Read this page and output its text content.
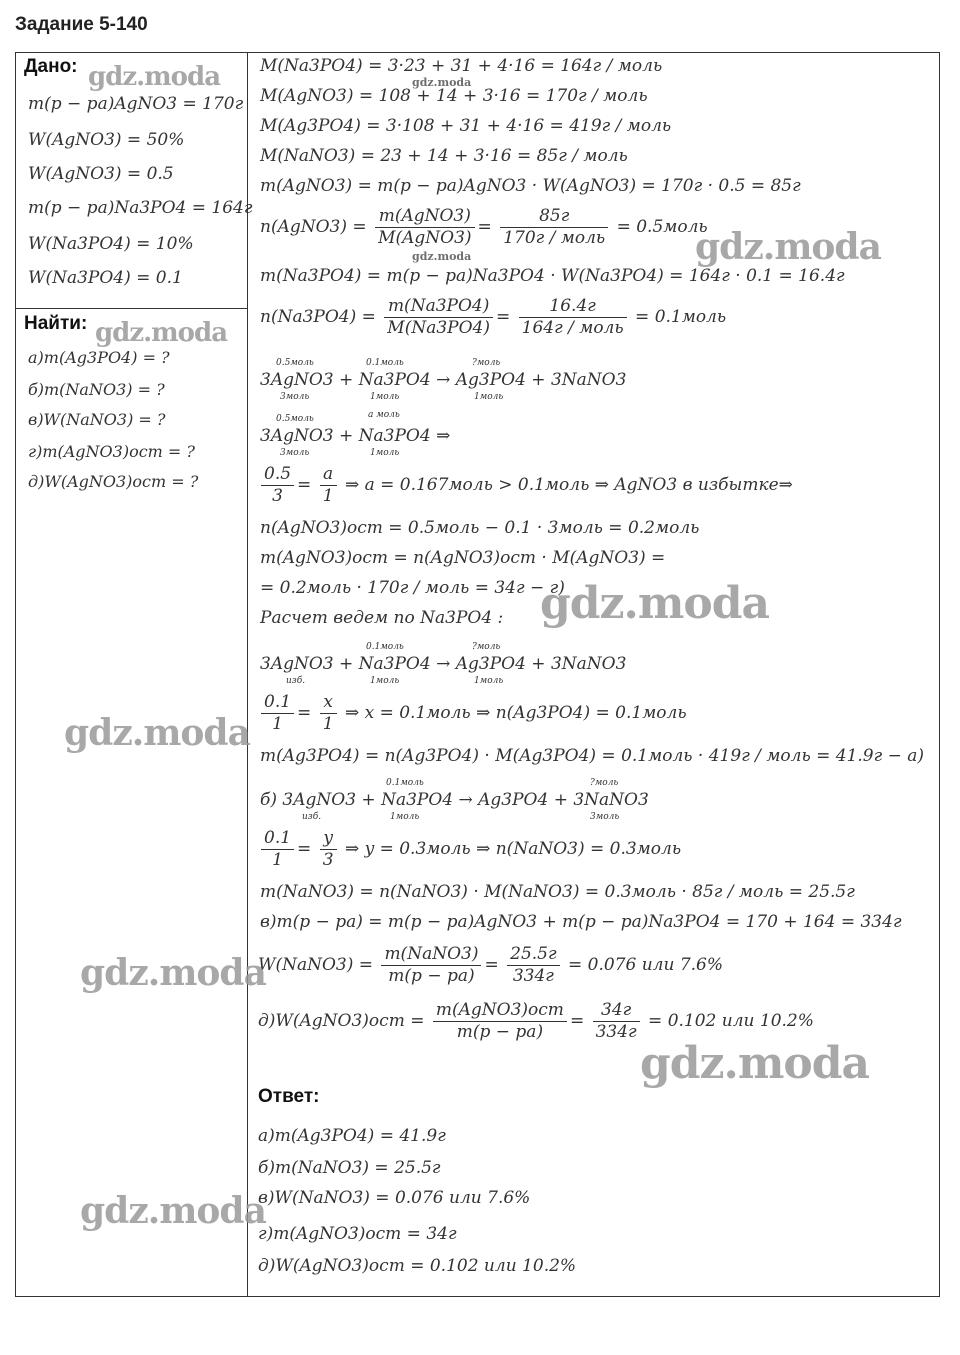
Задание 5-140
Дано:
Найти:
m(р − ра)AgNO3 = 170г
W(AgNO3) = 50%
W(AgNO3) = 0.5
m(р − ра)Na3PO4 = 164г
W(Na3PO4) = 10%
W(Na3PO4) = 0.1
а)m(Ag3PO4) = ?
б)m(NaNO3) = ?
в)W(NaNO3) = ?
г)m(AgNO3)ост = ?
д)W(AgNO3)ост = ?
M(Na3PO4) = 3·23 + 31 + 4·16 = 164г / моль
M(AgNO3) = 108 + 14 + 3·16 = 170г / моль
M(Ag3PO4) = 3·108 + 31 + 4·16 = 419г / моль
M(NaNO3) = 23 + 14 + 3·16 = 85г / моль
m(AgNO3) = m(р − ра)AgNO3 · W(AgNO3) = 170г · 0.5 = 85г
n(AgNO3) = $\frac{\text{m(AgNO3)}}{\text{M(AgNO3)}} = \frac{85г}{\text{170г / моль}}$ = 0.5моль
m(Na3PO4) = m(р − ра)Na3PO4 · W(Na3PO4) = 164г · 0.1 = 16.4г
$n(Na3PO4) = \frac{m(Na3PO4)}{M(Na3PO4)} = \frac{16.4г}{\text{164г / моль}}$ = 0.1моль
0.5моль	0.1моль	?моль
3AgNO3 + Na3PO4 → Ag3PO4 + 3NaNO3
3моль	1моль	1моль
0.5моль	a моль
3AgNO3 + Na3PO4 ⇒
3моль	1моль
$\frac{0.5}{3} = \frac{a}{1}$ ⇒ a = 0.167моль > 0.1моль ⇒ AgNO3 в избытке⇒
n(AgNO3)ост = 0.5моль − 0.1 · 3моль = 0.2моль
m(AgNO3)ост = n(AgNO3)ост · M(AgNO3) =
= 0.2моль · 170г / моль = 34г − г)
Расчет ведем по Na3PO4 :
0.1моль	?моль
3AgNO3 + Na3PO4 → Ag3PO4 + 3NaNO3
изб.	1моль	1моль
$\frac{0.1}{1} = \frac{x}{1}$ ⇒ x = 0.1моль ⇒ n(Ag3PO4) = 0.1моль
m(Ag3PO4) = n(Ag3PO4) · M(Ag3PO4) = 0.1моль · 419г / моль = 41.9г − а)
0.1моль	?моль
б) 3AgNO3 + Na3PO4 → Ag3PO4 + 3NaNO3
изб.	1моль	3моль
$\frac{0.1}{1} = \frac{y}{3}$ ⇒ y = 0.3моль ⇒ n(NaNO3) = 0.3моль
m(NaNO3) = n(NaNO3) · M(NaNO3) = 0.3моль · 85г / моль = 25.5г
в)m(р − ра) = m(р − ра)AgNO3 + m(р − ра)Na3PO4 = 170 + 164 = 334г
W(NaNO3) = $\frac{\text{m(NaNO3)}}{m(р - ра)} = \frac{25.5г}{334г} = 0.076$ или 7.6%
д)W(AgNO3)ост = $\frac{\text{m(AgNO3)ост}}{m(р - ра)} = \frac{34г}{334г} = 0.102$ или 10.2%
Ответ:
а)m(Ag3PO4) = 41.9г
б)m(NaNO3) = 25.5г
в)W(NaNO3) = 0.076 или 7.6%
г)m(AgNO3)ост = 34г
д)W(AgNO3)ост = 0.102 или 10.2%
gdz.moda	gdz.moda
gdz.moda	gdz.moda
gdz.moda
gdz.moda
gdz.moda
gdz.moda
gdz.moda
gdz.moda
